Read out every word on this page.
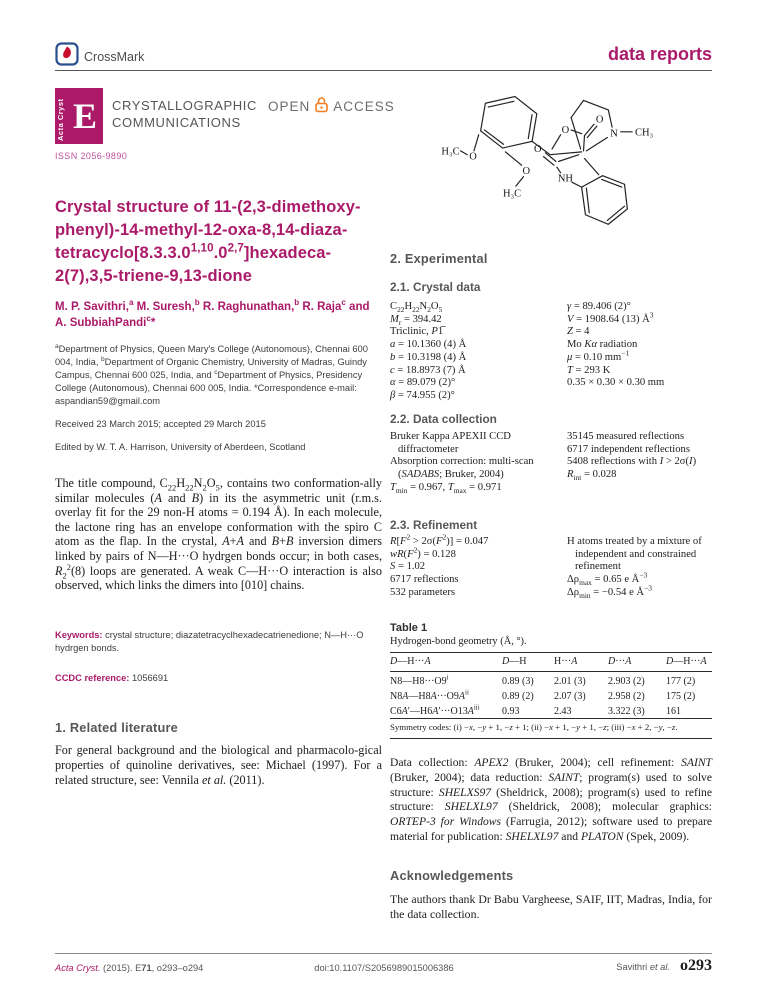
CrossMark	data reports
Acta Cryst E	CRYSTALLOGRAPHIC
COMMUNICATIONS
OPEN ACCESS
ISSN 2056-9890
Crystal structure of 11-(2,3-dimethoxy-
phenyl)-14-methyl-12-oxa-8,14-diaza-
tetracyclo[8.3.3.0$^{1,10}$.0$^{2,7}$]hexadeca-
2(7),3,5-triene-9,13-dione
M. P. Savithri,$^a$ M. Suresh,$^b$ R. Raghunathan,$^b$ R. Raja$^c$ and A. SubbiahPandi$^c$*
$^a$Department of Physics, Queen Mary's College (Autonomous), Chennai 600 004, India, $^b$Department of Organic Chemistry, University of Madras, Guindy Campus, Chennai 600 025, India, and $^c$Department of Physics, Presidency College (Autonomous), Chennai 600 005, India. *Correspondence e-mail: aspandian59@gmail.com
Received 23 March 2015; accepted 29 March 2015
Edited by W. T. A. Harrison, University of Aberdeen, Scotland
The title compound, $C_{22}H_{22}N_2O_5$, contains two conformation-ally similar molecules (A and B) in its the asymmetric unit (r.m.s. overlay fit for the 29 non-H atoms = 0.194 Å). In each molecule, the lactone ring has an envelope conformation with the spiro C atom as the flap. In the crystal, A+A and B+B inversion dimers linked by pairs of N—H···O hydrgen bonds occur; in both cases, $R_2^2(8)$ loops are generated. A weak C—H···O interaction is also observed, which links the dimers into [010] chains.
Keywords: crystal structure; diazatetracyclhexadecatrienedione; N—H···O hydrgen bonds.
CCDC reference: 1056691
1. Related literature
For general background and the biological and pharmacolo-gical properties of quinoline derivatives, see: Michael (1997). For a related structure, see: Vennila et al. (2011).
H₃C O
O
H₃C
O
O
O
N CH₃
NH
2. Experimental
2.1. Crystal data
$C_{22}H_{22}N_2O_5$
$M_r = 394.42$
Triclinic, P1̅
a = 10.1360 (4) Å
b = 10.3198 (4) Å
c = 18.8973 (7) Å
α = 89.079 (2)°
β = 74.955 (2)°
γ = 89.406 (2)°
V = 1908.64 (13) $Å^3$
Z = 4
Mo Kα radiation
μ = 0.10 $mm^{-1}$
T = 293 K
0.35 × 0.30 × 0.30 mm
2.2. Data collection
Bruker Kappa APEXII CCD diffractometer
Absorption correction: multi-scan (SADABS; Bruker, 2004)
$T_{min} = 0.967$, $T_{max} = 0.971$
35145 measured reflections
6717 independent reflections
5408 reflections with I > 2σ(I)
$R_{int} = 0.028$
2.3. Refinement
$R[F^2 > 2\sigma(F^2)] = 0.047$
$wR(F^2) = 0.128$
S = 1.02
6717 reflections
532 parameters
H atoms treated by a mixture of independent and constrained refinement
$\Delta\rho_{max} = 0.65$ e $Å^{-3}$
$\Delta\rho_{min} = -0.54$ e $Å^{-3}$
Table 1
Hydrogen-bond geometry (Å, °).
D—H···A	D—H	H···A	D···A	D—H···A
$N8—H8\cdot\cdot\cdot O9^i$	0.89 (3)	2.01 (3)	2.903 (2)	177 (2)
$N8A—H8A\cdot\cdot\cdot O9A^{ii}$	0.89 (2)	2.07 (3)	2.958 (2)	175 (2)
$C6A'—H6A'\cdot\cdot\cdot O13A^{iii}$	0.93	2.43	3.322 (3)	161
Symmetry codes: (i) −x, −y + 1, −z + 1; (ii) −x + 1, −y + 1, −z; (iii) −x + 2, −y, −z.
Data collection: APEX2 (Bruker, 2004); cell refinement: SAINT (Bruker, 2004); data reduction: SAINT; program(s) used to solve structure: SHELXS97 (Sheldrick, 2008); program(s) used to refine structure: SHELXL97 (Sheldrick, 2008); molecular graphics: ORTEP-3 for Windows (Farrugia, 2012); software used to prepare material for publication: SHELXL97 and PLATON (Spek, 2009).
Acknowledgements
The authors thank Dr Babu Vargheese, SAIF, IIT, Madras, India, for the data collection.
doi:10.1107/S2056989015006386
Acta Cryst. (2015). E71, o293–o294	Savithri et al. o293
